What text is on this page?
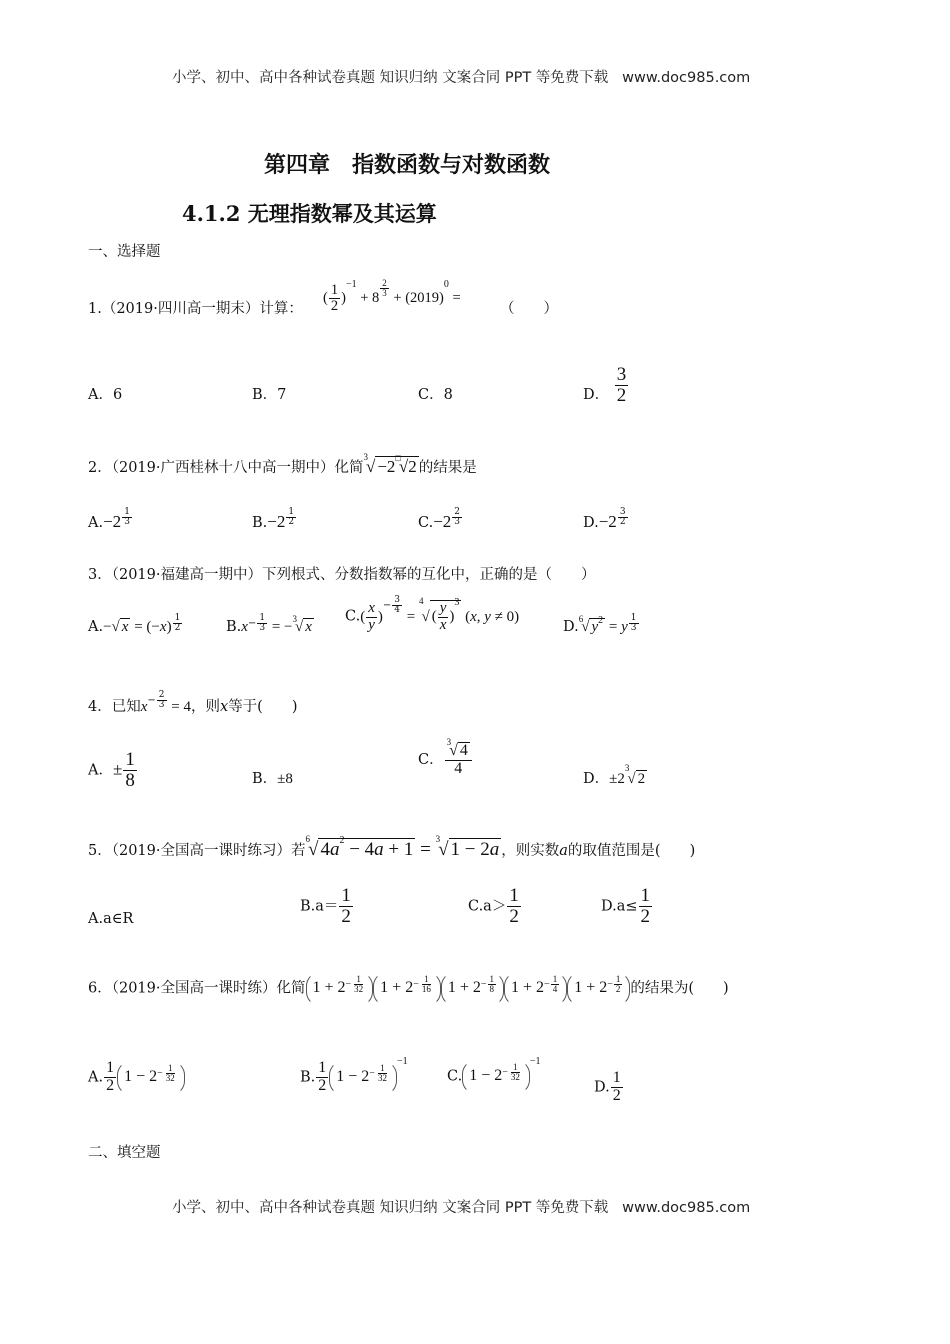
小学、初中、高中各种试卷真题 知识归纳 文案合同 PPT 等免费下载 www.doc985.com
第四章　指数函数与对数函数
4.1.2 无理指数幂及其运算
一、选择题
1.（2019·四川高一期末）计算：
( $\frac{1}{2} )^{-1} + 8$ $^{\frac{2}{3}} + (2019)^0$ =
（　　）
A．6	B．7	C．8	D． $\frac{3}{2}$
2．（2019·广西桂林十八中高一期中）化简$^3$√ −2□√2 的结果是
A.−2 $^{\frac{1}{3}}$	B.−2 $^{\frac{1}{2}}$	C.−2 $^{\frac{2}{3}}$	D.−2 $^{\frac{3}{2}}$
3．（2019·福建高一期中）下列根式、分数指数幂的互化中，正确的是（　　）
A.−√ x = (−x) $^{\frac{1}{2}}$	$B.x^{- \frac{1}{3}} = -^3√$ x
$C.( \frac{x}{y} )^{- \frac{3}{4}}$
= $^4$√ ( $\frac{y}{x} )^3$ (x, y ≠ 0)
D.$^6$√ $y^2 = y$ $^{\frac{1}{3}}$
4．已知$x^{- \frac{2}{3}} = 4$，则x等于(　　)
A．± $\frac{1}{8}$	B．±8
C． $\frac{^3√ 4}{4}$
D．$\pm 2^3√$ 2
5．（2019·全国高一课时练习）若$^6$√ $4a^2 - 4a + 1 = ^3√$ 1 − 2a ，则实数a的取值范围是(　　)
A.a∈R
$B.a= \frac{1}{2}$	$C.a> \frac{1}{2}$	$D.a\le \frac{1}{2}$
6．（2019·全国高一课时练）化简 $1 + 2^{- \frac{1}{32}}$ $1 + 2^{- \frac{1}{16}}$ $1 + 2^{- \frac{1}{8}}$ $1 + 2^{- \frac{1}{4}}$ $1 + 2^{- \frac{1}{2}}$ 的结果为(　　)
A. $\frac{1}{2} 1 - 2^{- \frac{1}{32}}$	B. $\frac{1}{2} 1 - 2^{- \frac{1}{32}}$
$^{-1}$
C. $1 - 2^{- \frac{1}{32}}$
$^{-1}$
D. $\frac{1}{2}$
二、填空题
小学、初中、高中各种试卷真题 知识归纳 文案合同 PPT 等免费下载 www.doc985.com
